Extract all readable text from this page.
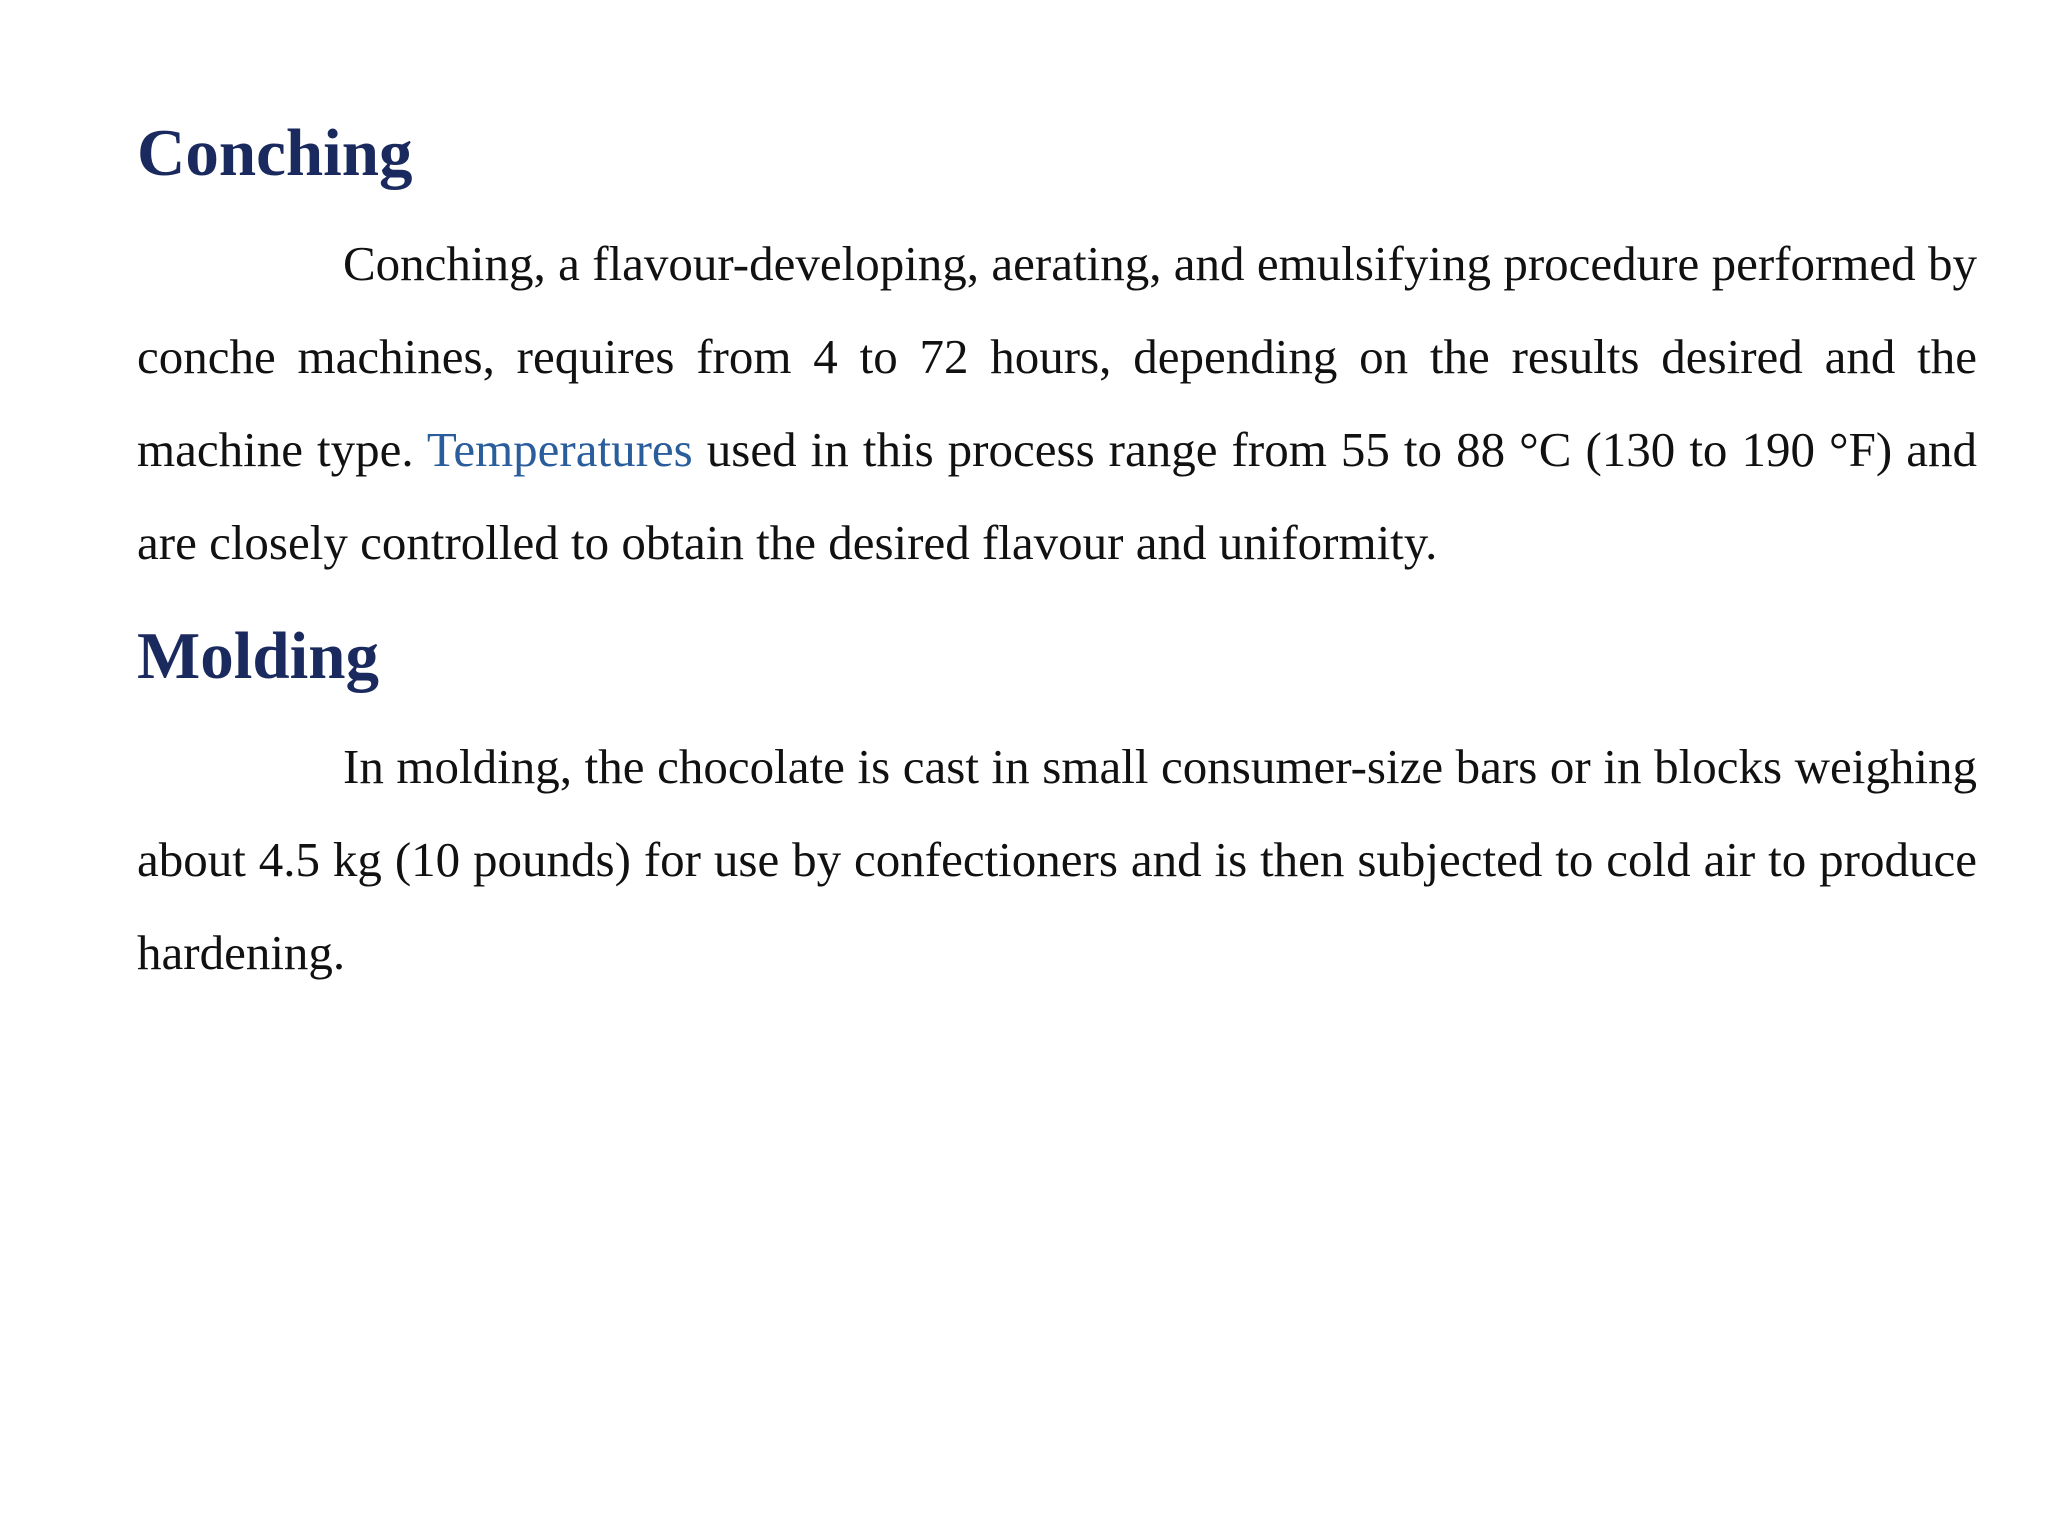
Conching

Conching, a flavour-developing, aerating, and emulsifying procedure performed by conche machines, requires from 4 to 72 hours, depending on the results desired and the machine type. Temperatures used in this process range from 55 to 88 °C (130 to 190 °F) and are closely controlled to obtain the desired flavour and uniformity.

Molding

In molding, the chocolate is cast in small consumer-size bars or in blocks weighing about 4.5 kg (10 pounds) for use by confectioners and is then subjected to cold air to produce hardening.
